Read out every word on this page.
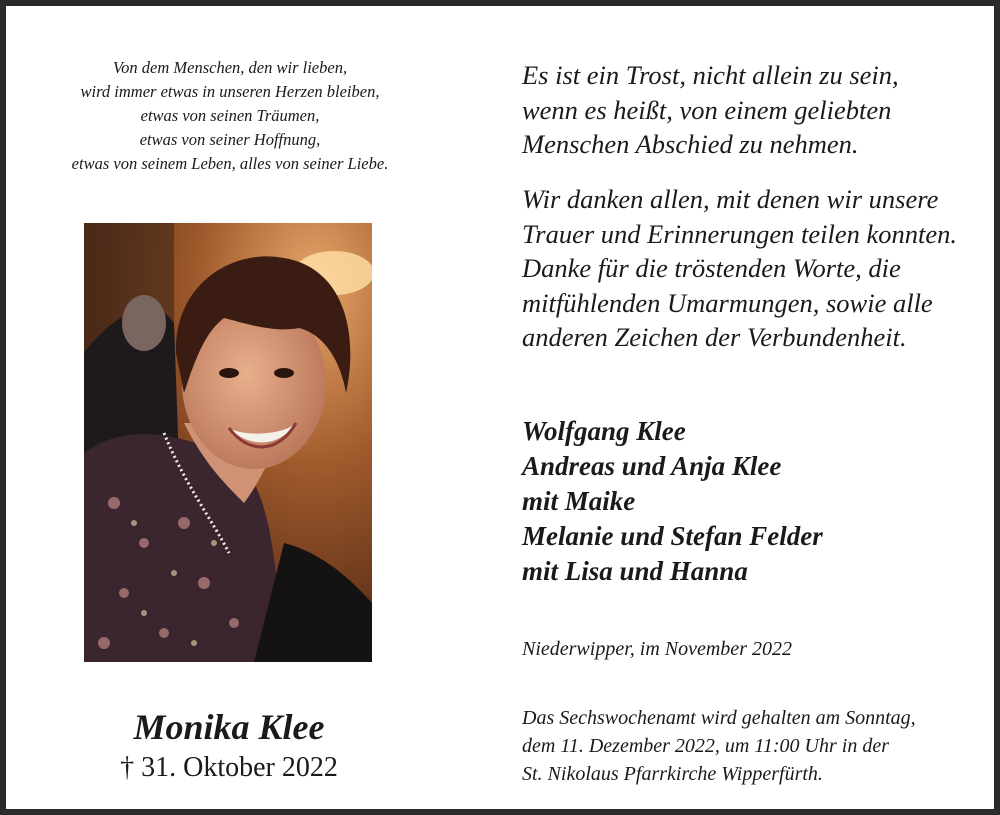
Von dem Menschen, den wir lieben,
wird immer etwas in unseren Herzen bleiben,
etwas von seinen Träumen,
etwas von seiner Hoffnung,
etwas von seinem Leben, alles von seiner Liebe.
Monika Klee
† 31. Oktober 2022
Es ist ein Trost, nicht allein zu sein,
wenn es heißt, von einem geliebten
Menschen Abschied zu nehmen.
Wir danken allen, mit denen wir unsere
Trauer und Erinnerungen teilen konnten.
Danke für die tröstenden Worte, die
mitfühlenden Umarmungen, sowie alle
anderen Zeichen der Verbundenheit.
Wolfgang Klee
Andreas und Anja Klee
mit Maike
Melanie und Stefan Felder
mit Lisa und Hanna
Niederwipper, im November 2022
Das Sechswochenamt wird gehalten am Sonntag,
dem 11. Dezember 2022, um 11:00 Uhr in der
St. Nikolaus Pfarrkirche Wipperfürth.
